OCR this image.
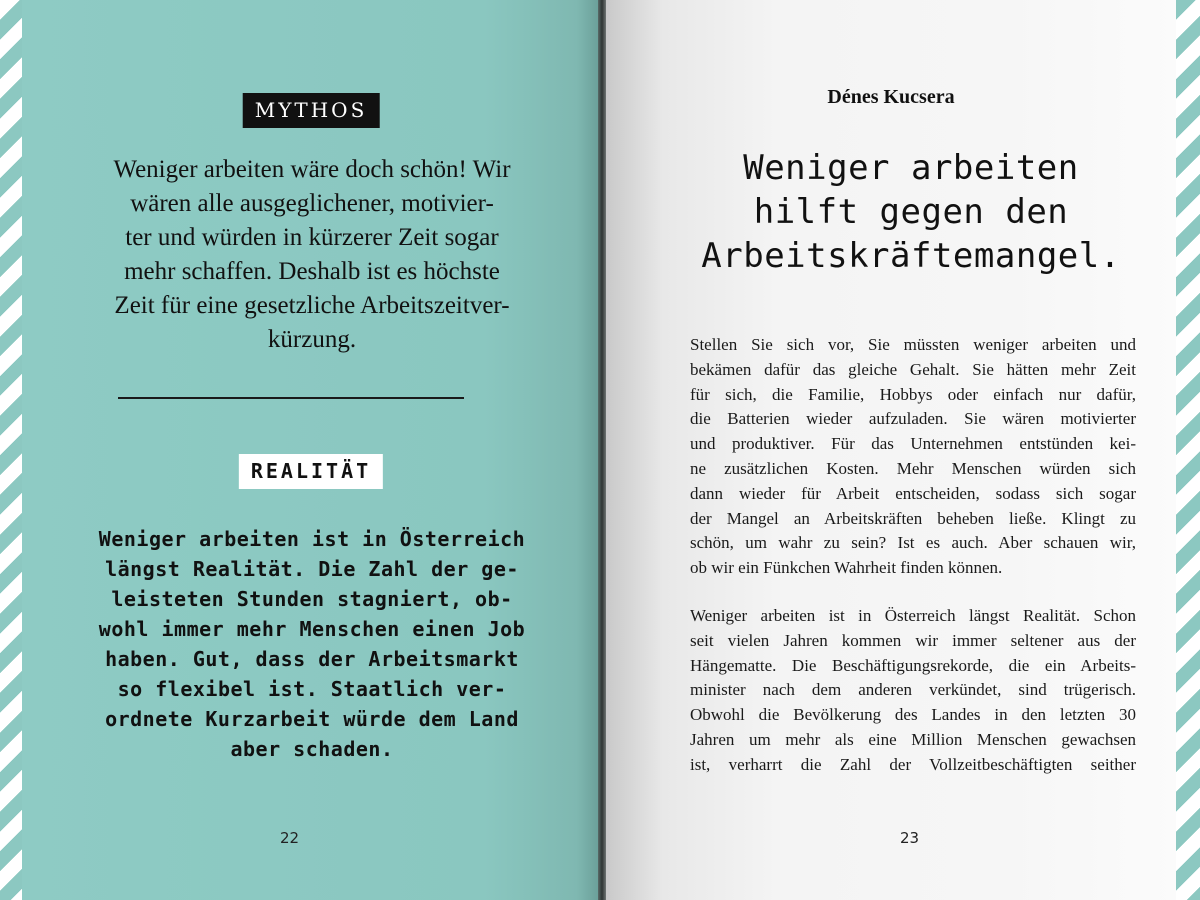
MYTHOS

Weniger arbeiten wäre doch schön! Wir
wären alle ausgeglichener, motivier-
ter und würden in kürzerer Zeit sogar
mehr schaffen. Deshalb ist es höchste
Zeit für eine gesetzliche Arbeitszeitver-
kürzung.

REALITÄT

Weniger arbeiten ist in Österreich
längst Realität. Die Zahl der ge-
leisteten Stunden stagniert, ob-
wohl immer mehr Menschen einen Job
haben. Gut, dass der Arbeitsmarkt
so flexibel ist. Staatlich ver-
ordnete Kurzarbeit würde dem Land
aber schaden.

22

Dénes Kucsera

Weniger arbeiten
hilft gegen den
Arbeitskräftemangel.

Stellen Sie sich vor, Sie müssten weniger arbeiten und
bekämen dafür das gleiche Gehalt. Sie hätten mehr Zeit
für sich, die Familie, Hobbys oder einfach nur dafür,
die Batterien wieder aufzuladen. Sie wären motivierter
und produktiver. Für das Unternehmen entstünden kei-
ne zusätzlichen Kosten. Mehr Menschen würden sich
dann wieder für Arbeit entscheiden, sodass sich sogar
der Mangel an Arbeitskräften beheben ließe. Klingt zu
schön, um wahr zu sein? Ist es auch. Aber schauen wir,
ob wir ein Fünkchen Wahrheit finden können.

Weniger arbeiten ist in Österreich längst Realität. Schon
seit vielen Jahren kommen wir immer seltener aus der
Hängematte. Die Beschäftigungsrekorde, die ein Arbeits-
minister nach dem anderen verkündet, sind trügerisch.
Obwohl die Bevölkerung des Landes in den letzten 30
Jahren um mehr als eine Million Menschen gewachsen
ist, verharrt die Zahl der Vollzeitbeschäftigten seither

23
